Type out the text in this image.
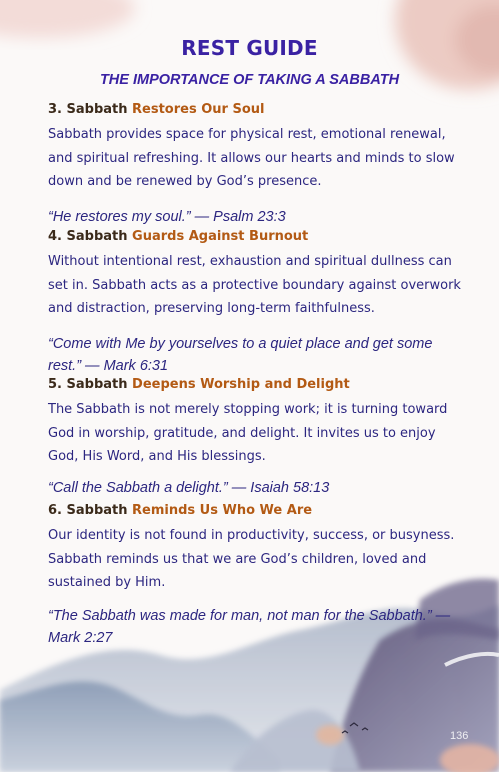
REST GUIDE
THE IMPORTANCE OF TAKING A SABBATH

3. Sabbath Restores Our Soul

Sabbath provides space for physical rest, emotional renewal, and spiritual refreshing. It allows our hearts and minds to slow down and be renewed by God’s presence.

“He restores my soul.” — Psalm 23:3

4. Sabbath Guards Against Burnout

Without intentional rest, exhaustion and spiritual dullness can set in. Sabbath acts as a protective boundary against overwork and distraction, preserving long-term faithfulness.

“Come with Me by yourselves to a quiet place and get some rest.” — Mark 6:31

5. Sabbath Deepens Worship and Delight

The Sabbath is not merely stopping work; it is turning toward God in worship, gratitude, and delight. It invites us to enjoy God, His Word, and His blessings.

“Call the Sabbath a delight.” — Isaiah 58:13

6. Sabbath Reminds Us Who We Are

Our identity is not found in productivity, success, or busyness. Sabbath reminds us that we are God’s children, loved and sustained by Him.

“The Sabbath was made for man, not man for the Sabbath.” — Mark 2:27

136
